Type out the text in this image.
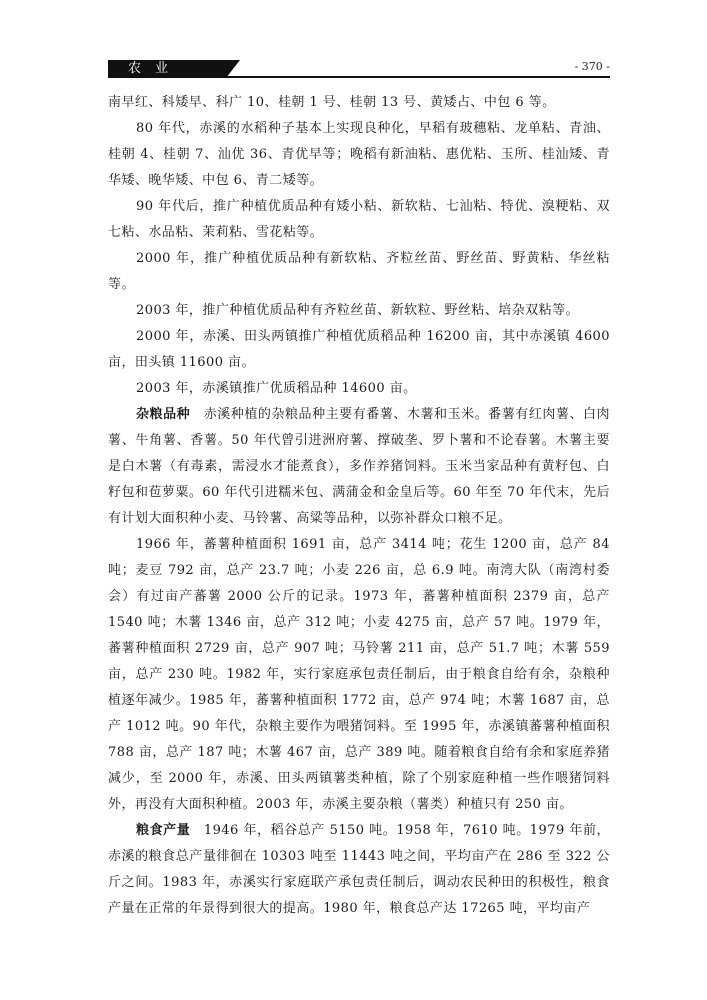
农业	- 370 -

南早红、科矮早、科广 10、桂朝 1 号、桂朝 13 号、黄矮占、中包 6 等。

80 年代，赤溪的水稻种子基本上实现良种化，早稻有玻穗粘、龙单粘、青油、桂朝 4、桂朝 7、汕优 36、青优早等；晚稻有新油粘、惠优粘、玉所、桂汕矮、青华矮、晚华矮、中包 6、青二矮等。

90 年代后，推广种植优质品种有矮小粘、新软粘、七汕粘、特优、溴粳粘、双七粘、水品粘、茉莉粘、雪花粘等。

2000 年，推广种植优质品种有新软粘、齐粒丝苗、野丝苗、野黄粘、华丝粘等。

2003 年，推广种植优质品种有齐粒丝苗、新软粒、野丝粘、培杂双粘等。

2000 年，赤溪、田头两镇推广种植优质稻品种 16200 亩，其中赤溪镇 4600 亩，田头镇 11600 亩。

2003 年，赤溪镇推广优质稻品种 14600 亩。

杂粮品种　赤溪种植的杂粮品种主要有番薯、木薯和玉米。番薯有红肉薯、白肉薯、牛角薯、香薯。50 年代曾引进洲府薯、撑破垄、罗卜薯和不论春薯。木薯主要是白木薯（有毒素，需浸水才能煮食），多作养猪饲料。玉米当家品种有黄籽包、白籽包和苞萝粟。60 年代引进糯米包、满蒲金和金皇后等。60 年至 70 年代末，先后有计划大面积种小麦、马铃薯、高粱等品种，以弥补群众口粮不足。

1966 年，蕃薯种植面积 1691 亩，总产 3414 吨；花生 1200 亩，总产 84 吨；麦豆 792 亩，总产 23.7 吨；小麦 226 亩，总 6.9 吨。南湾大队（南湾村委会）有过亩产蕃薯 2000 公斤的记录。1973 年，蕃薯种植面积 2379 亩，总产 1540 吨；木薯 1346 亩，总产 312 吨；小麦 4275 亩，总产 57 吨。1979 年，蕃薯种植面积 2729 亩，总产 907 吨；马铃薯 211 亩，总产 51.7 吨；木薯 559 亩，总产 230 吨。1982 年，实行家庭承包责任制后，由于粮食自给有余，杂粮种植逐年减少。1985 年，蕃薯种植面积 1772 亩，总产 974 吨；木薯 1687 亩，总产 1012 吨。90 年代，杂粮主要作为喂猪饲料。至 1995 年，赤溪镇蕃薯种植面积 788 亩，总产 187 吨；木薯 467 亩，总产 389 吨。随着粮食自给有余和家庭养猪减少，至 2000 年，赤溪、田头两镇薯类种植，除了个别家庭种植一些作喂猪饲料外，再没有大面积种植。2003 年，赤溪主要杂粮（薯类）种植只有 250 亩。

粮食产量　1946 年，稻谷总产 5150 吨。1958 年，7610 吨。1979 年前，赤溪的粮食总产量徘徊在 10303 吨至 11443 吨之间，平均亩产在 286 至 322 公斤之间。1983 年，赤溪实行家庭联产承包责任制后，调动农民种田的积极性，粮食产量在正常的年景得到很大的提高。1980 年，粮食总产达 17265 吨，平均亩产
